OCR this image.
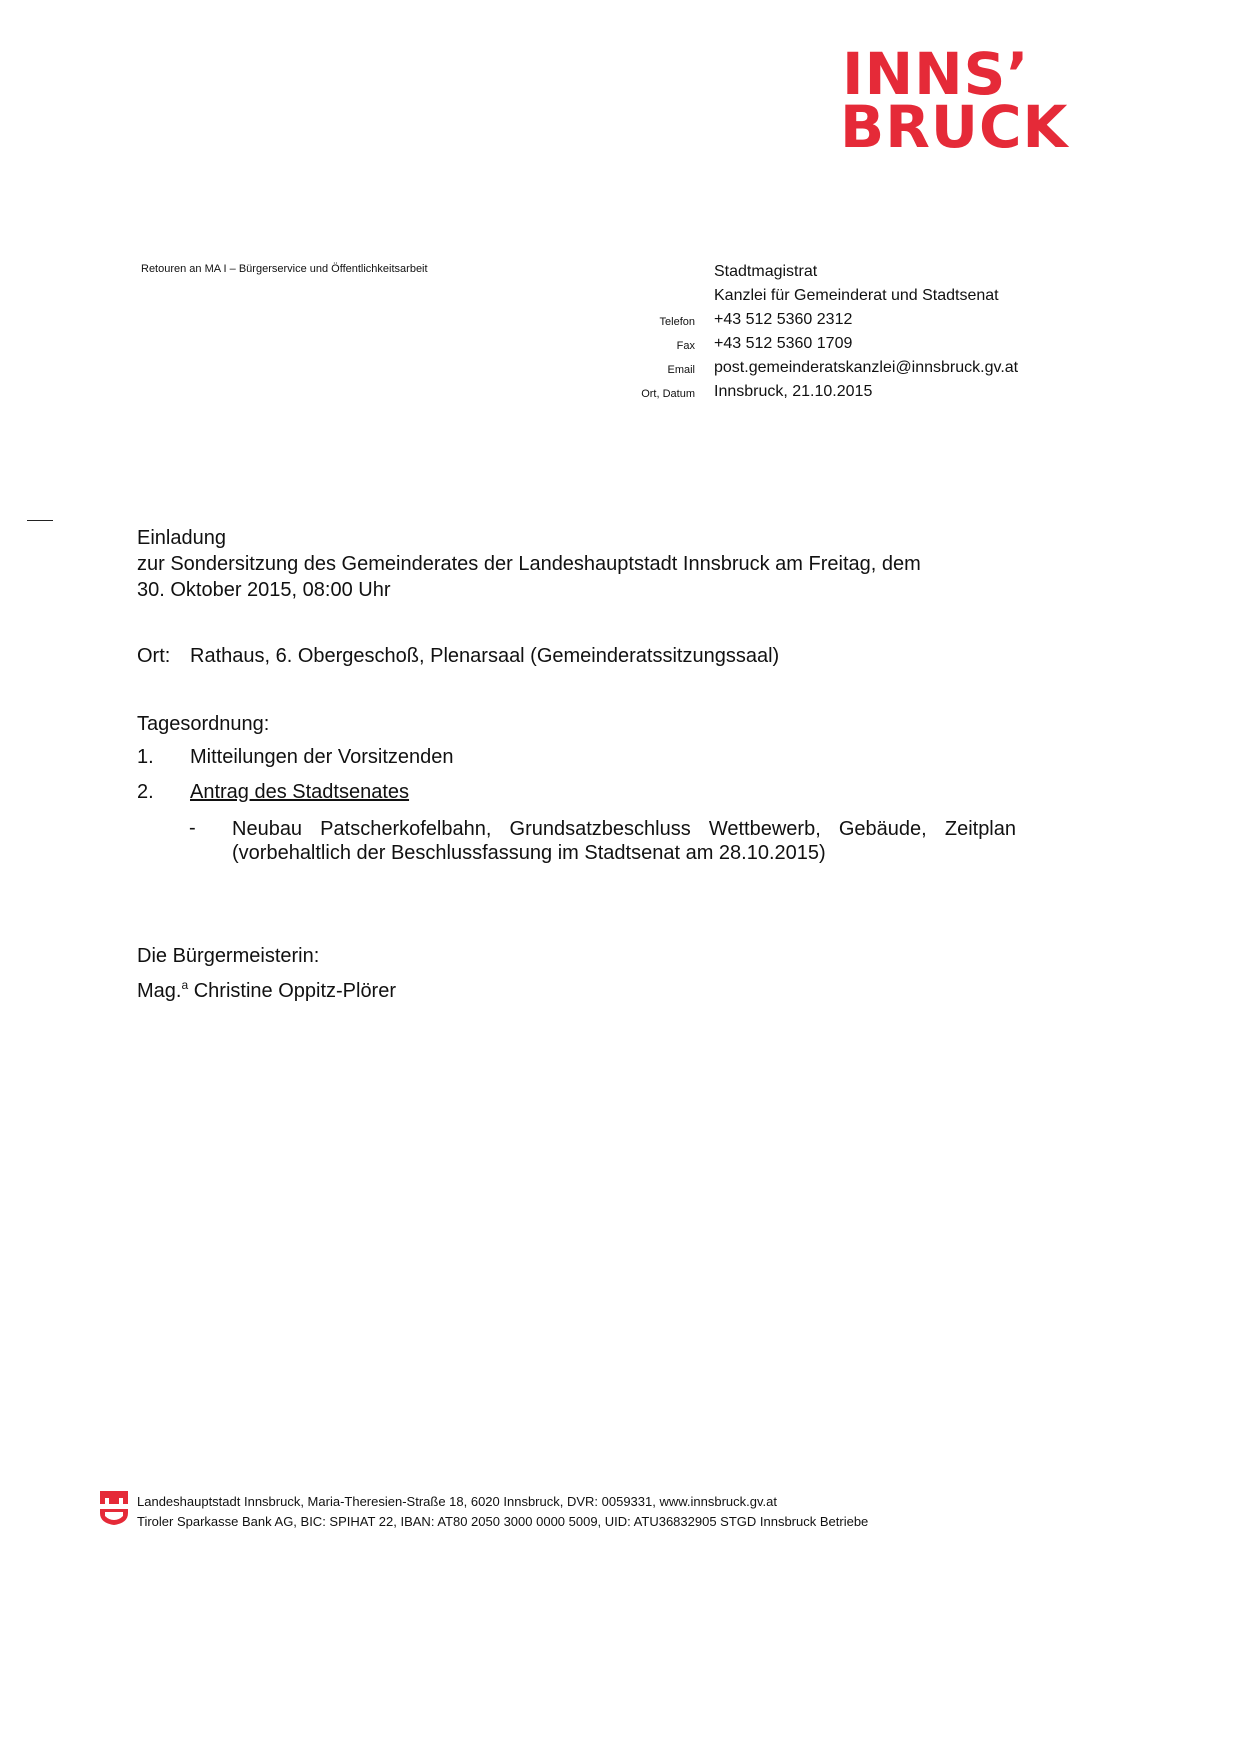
INNS’
BRUCK
Retouren an MA I – Bürgerservice und Öffentlichkeitsarbeit
Telefon
Fax
Email
Ort, Datum
Stadtmagistrat
Kanzlei für Gemeinderat und Stadtsenat
+43 512 5360 2312
+43 512 5360 1709
post.gemeinderatskanzlei@innsbruck.gv.at
Innsbruck, 21.10.2015
Einladung
zur Sondersitzung des Gemeinderates der Landeshauptstadt Innsbruck am Freitag, dem
30. Oktober 2015, 08:00 Uhr
Ort: Rathaus, 6. Obergeschoß, Plenarsaal (Gemeinderatssitzungssaal)
Tagesordnung:
1. Mitteilungen der Vorsitzenden
2. Antrag des Stadtsenates
- Neubau Patscherkofelbahn, Grundsatzbeschluss Wettbewerb, Gebäude, Zeitplan
(vorbehaltlich der Beschlussfassung im Stadtsenat am 28.10.2015)
Die Bürgermeisterin:
Mag.$^a$ Christine Oppitz-Plörer
Landeshauptstadt Innsbruck, Maria-Theresien-Straße 18, 6020 Innsbruck, DVR: 0059331, www.innsbruck.gv.at
Tiroler Sparkasse Bank AG, BIC: SPIHAT 22, IBAN: AT80 2050 3000 0000 5009, UID: ATU36832905 STGD Innsbruck Betriebe
